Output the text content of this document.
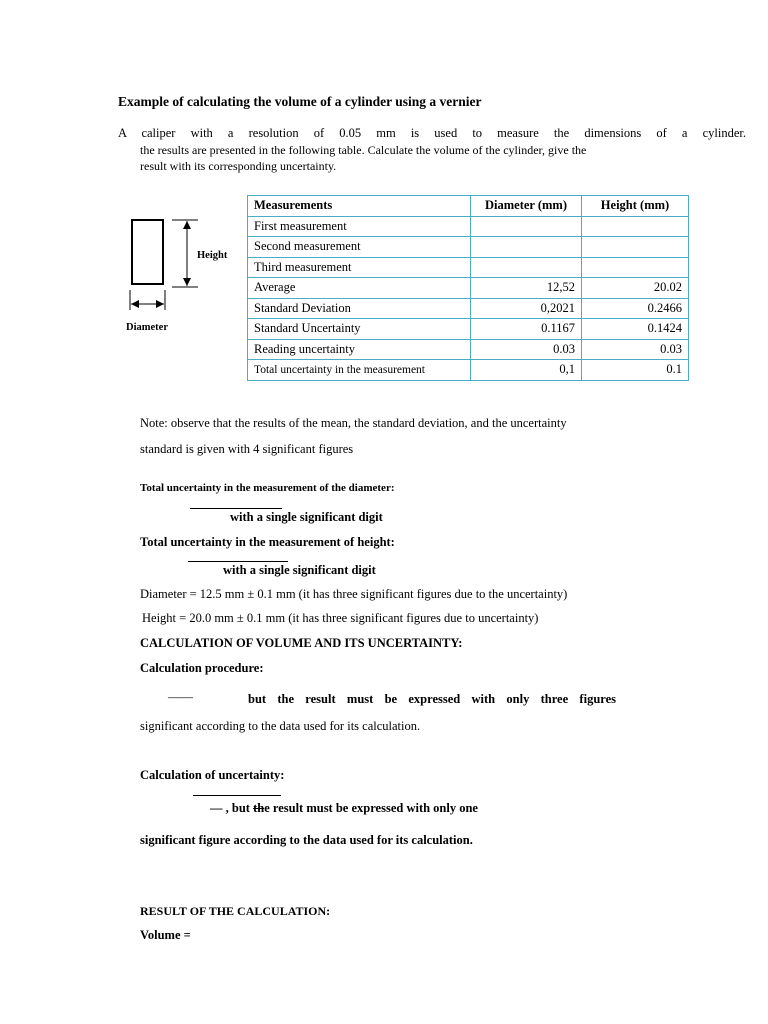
Example of calculating the volume of a cylinder using a vernier
A caliper with a resolution of 0.05 mm is used to measure the dimensions of a cylinder.
the results are presented in the following table. Calculate the volume of the cylinder, give the
result with its corresponding uncertainty.
Height
Diameter
Measurements	Diameter (mm)	Height (mm)
First measurement		
Second measurement		
Third measurement		
Average	12,52	20.02
Standard Deviation	0,2021	0.2466
Standard Uncertainty	0.1167	0.1424
Reading uncertainty	0.03	0.03
Total uncertainty in the measurement	0,1	0.1
Note: observe that the results of the mean, the standard deviation, and the uncertainty
standard is given with 4 significant figures
Total uncertainty in the measurement of the diameter:
with a single significant digit
Total uncertainty in the measurement of height:
with a single significant digit
Diameter = 12.5 mm ± 0.1 mm (it has three significant figures due to the uncertainty)
Height = 20.0 mm ± 0.1 mm (it has three significant figures due to uncertainty)
CALCULATION OF VOLUME AND ITS UNCERTAINTY:
Calculation procedure:
——	but the result must be expressed with only three figures
significant according to the data used for its calculation.
Calculation of uncertainty:
— , but the result must be expressed with only one
significant figure according to the data used for its calculation.
RESULT OF THE CALCULATION:
Volume =
